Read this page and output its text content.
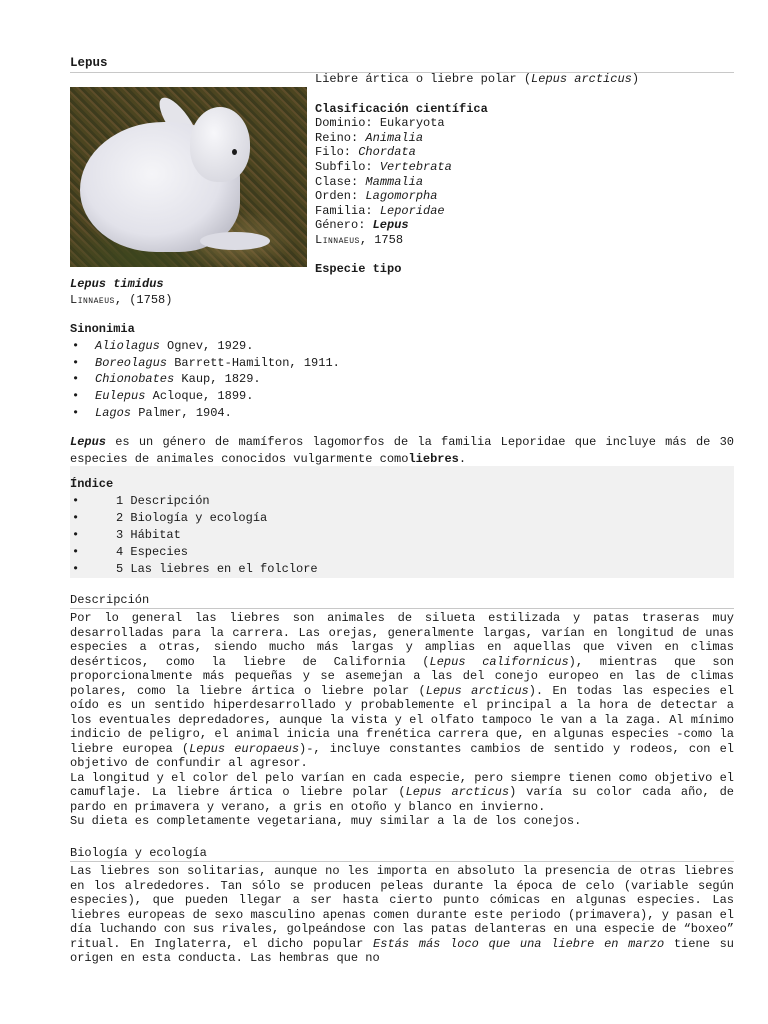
Lepus
Liebre ártica o liebre polar (Lepus arcticus)
Clasificación científica
Dominio: Eukaryota
Reino: Animalia
Filo: Chordata
Subfilo: Vertebrata
Clase: Mammalia
Orden: Lagomorpha
Familia: Leporidae
Género: Lepus
Linnaeus, 1758
Especie tipo
Lepus timidus
Linnaeus, (1758)
Sinonimia
• Aliolagus Ognev, 1929.
• Boreolagus Barrett-Hamilton, 1911.
• Chionobates Kaup, 1829.
• Eulepus Acloque, 1899.
• Lagos Palmer, 1904.
Lepus es un género de mamíferos lagomorfos de la familia Leporidae que incluye más de 30 especies de animales conocidos vulgarmente comoliebres.
Índice
• 1 Descripción
• 2 Biología y ecología
• 3 Hábitat
• 4 Especies
• 5 Las liebres en el folclore
Descripción

Por lo general las liebres son animales de silueta estilizada y patas traseras muy desarrolladas para la carrera. Las orejas, generalmente largas, varían en longitud de unas especies a otras, siendo mucho más largas y amplias en aquellas que viven en climas desérticos, como la liebre de California (Lepus californicus), mientras que son proporcionalmente más pequeñas y se asemejan a las del conejo europeo en las de climas polares, como la liebre ártica o liebre polar (Lepus arcticus). En todas las especies el oído es un sentido hiperdesarrollado y probablemente el principal a la hora de detectar a los eventuales depredadores, aunque la vista y el olfato tampoco le van a la zaga. Al mínimo indicio de peligro, el animal inicia una frenética carrera que, en algunas especies -como la liebre europea (Lepus europaeus)-, incluye constantes cambios de sentido y rodeos, con el objetivo de confundir al agresor.

La longitud y el color del pelo varían en cada especie, pero siempre tienen como objetivo el camuflaje. La liebre ártica o liebre polar (Lepus arcticus) varía su color cada año, de pardo en primavera y verano, a gris en otoño y blanco en invierno.

Su dieta es completamente vegetariana, muy similar a la de los conejos.

Biología y ecología

Las liebres son solitarias, aunque no les importa en absoluto la presencia de otras liebres en los alrededores. Tan sólo se producen peleas durante la época de celo (variable según especies), que pueden llegar a ser hasta cierto punto cómicas en algunas especies. Las liebres europeas de sexo masculino apenas comen durante este periodo (primavera), y pasan el día luchando con sus rivales, golpeándose con las patas delanteras en una especie de “boxeo” ritual. En Inglaterra, el dicho popular Estás más loco que una liebre en marzo tiene su origen en esta conducta. Las hembras que no
